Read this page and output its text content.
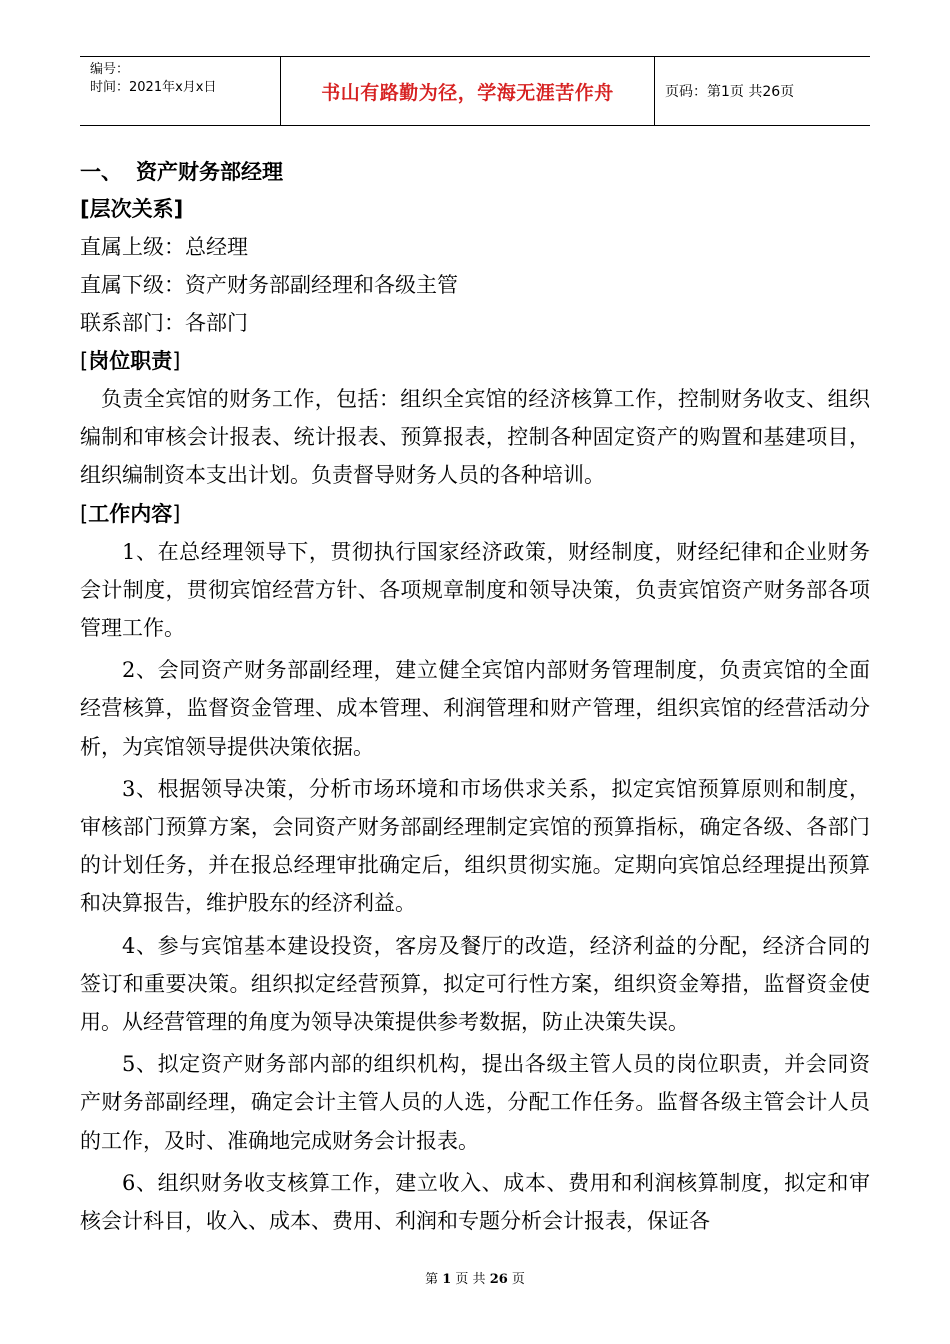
编号：
时间：2021年x月x日	书山有路勤为径，学海无涯苦作舟	页码：第1页 共26页
一、 资产财务部经理
[层次关系]
直属上级：总经理
直属下级：资产财务部副经理和各级主管
联系部门：各部门
[岗位职责]

负责全宾馆的财务工作，包括：组织全宾馆的经济核算工作，控制财务收支、组织编制和审核会计报表、统计报表、预算报表，控制各种固定资产的购置和基建项目，组织编制资本支出计划。负责督导财务人员的各种培训。

[工作内容]

1、在总经理领导下，贯彻执行国家经济政策，财经制度，财经纪律和企业财务会计制度，贯彻宾馆经营方针、各项规章制度和领导决策，负责宾馆资产财务部各项管理工作。

2、会同资产财务部副经理，建立健全宾馆内部财务管理制度，负责宾馆的全面经营核算，监督资金管理、成本管理、利润管理和财产管理，组织宾馆的经营活动分析，为宾馆领导提供决策依据。

3、根据领导决策，分析市场环境和市场供求关系，拟定宾馆预算原则和制度，审核部门预算方案，会同资产财务部副经理制定宾馆的预算指标，确定各级、各部门的计划任务，并在报总经理审批确定后，组织贯彻实施。定期向宾馆总经理提出预算和决算报告，维护股东的经济利益。

4、参与宾馆基本建设投资，客房及餐厅的改造，经济利益的分配，经济合同的签订和重要决策。组织拟定经营预算，拟定可行性方案，组织资金筹措，监督资金使用。从经营管理的角度为领导决策提供参考数据，防止决策失误。

5、拟定资产财务部内部的组织机构，提出各级主管人员的岗位职责，并会同资产财务部副经理，确定会计主管人员的人选，分配工作任务。监督各级主管会计人员的工作，及时、准确地完成财务会计报表。

6、组织财务收支核算工作，建立收入、成本、费用和利润核算制度，拟定和审核会计科目，收入、成本、费用、利润和专题分析会计报表，保证各

第 1 页 共 26 页
